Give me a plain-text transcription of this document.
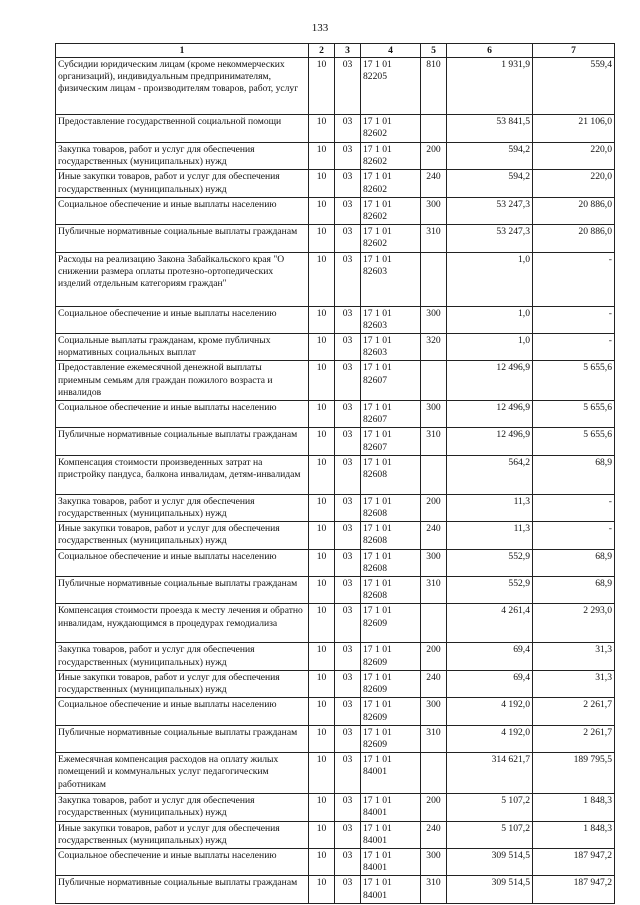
133
1	2	3	4	5	6	7
Субсидии юридическим лицам (кроме некоммерческих организаций), индивидуальным предпринимателям, физическим лицам - производителям товаров, работ, услуг	10	03	17 1 01 82205	810	1 931,9	559,4
Предоставление государственной социальной помощи	10	03	17 1 01 82602		53 841,5	21 106,0
Закупка товаров, работ и услуг для обеспечения государственных (муниципальных) нужд	10	03	17 1 01 82602	200	594,2	220,0
Иные закупки товаров, работ и услуг для обеспечения государственных (муниципальных) нужд	10	03	17 1 01 82602	240	594,2	220,0
Социальное обеспечение и иные выплаты населению	10	03	17 1 01 82602	300	53 247,3	20 886,0
Публичные нормативные социальные выплаты гражданам	10	03	17 1 01 82602	310	53 247,3	20 886,0
Расходы на реализацию Закона Забайкальского края "О снижении размера оплаты протезно-ортопедических изделий отдельным категориям граждан"	10	03	17 1 01 82603		1,0	-
Социальное обеспечение и иные выплаты населению	10	03	17 1 01 82603	300	1,0	-
Социальные выплаты гражданам, кроме публичных нормативных социальных выплат	10	03	17 1 01 82603	320	1,0	-
Предоставление ежемесячной денежной выплаты приемным семьям для граждан пожилого возраста и инвалидов	10	03	17 1 01 82607		12 496,9	5 655,6
Социальное обеспечение и иные выплаты населению	10	03	17 1 01 82607	300	12 496,9	5 655,6
Публичные нормативные социальные выплаты гражданам	10	03	17 1 01 82607	310	12 496,9	5 655,6
Компенсация стоимости произведенных затрат на пристройку пандуса, балкона инвалидам, детям-инвалидам	10	03	17 1 01 82608		564,2	68,9
Закупка товаров, работ и услуг для обеспечения государственных (муниципальных) нужд	10	03	17 1 01 82608	200	11,3	-
Иные закупки товаров, работ и услуг для обеспечения государственных (муниципальных) нужд	10	03	17 1 01 82608	240	11,3	-
Социальное обеспечение и иные выплаты населению	10	03	17 1 01 82608	300	552,9	68,9
Публичные нормативные социальные выплаты гражданам	10	03	17 1 01 82608	310	552,9	68,9
Компенсация стоимости проезда к месту лечения и обратно инвалидам, нуждающимся в процедурах гемодиализа	10	03	17 1 01 82609		4 261,4	2 293,0
Закупка товаров, работ и услуг для обеспечения государственных (муниципальных) нужд	10	03	17 1 01 82609	200	69,4	31,3
Иные закупки товаров, работ и услуг для обеспечения государственных (муниципальных) нужд	10	03	17 1 01 82609	240	69,4	31,3
Социальное обеспечение и иные выплаты населению	10	03	17 1 01 82609	300	4 192,0	2 261,7
Публичные нормативные социальные выплаты гражданам	10	03	17 1 01 82609	310	4 192,0	2 261,7
Ежемесячная компенсация расходов на оплату жилых помещений и коммунальных услуг педагогическим работникам	10	03	17 1 01 84001		314 621,7	189 795,5
Закупка товаров, работ и услуг для обеспечения государственных (муниципальных) нужд	10	03	17 1 01 84001	200	5 107,2	1 848,3
Иные закупки товаров, работ и услуг для обеспечения государственных (муниципальных) нужд	10	03	17 1 01 84001	240	5 107,2	1 848,3
Социальное обеспечение и иные выплаты населению	10	03	17 1 01 84001	300	309 514,5	187 947,2
Публичные нормативные социальные выплаты гражданам	10	03	17 1 01 84001	310	309 514,5	187 947,2
